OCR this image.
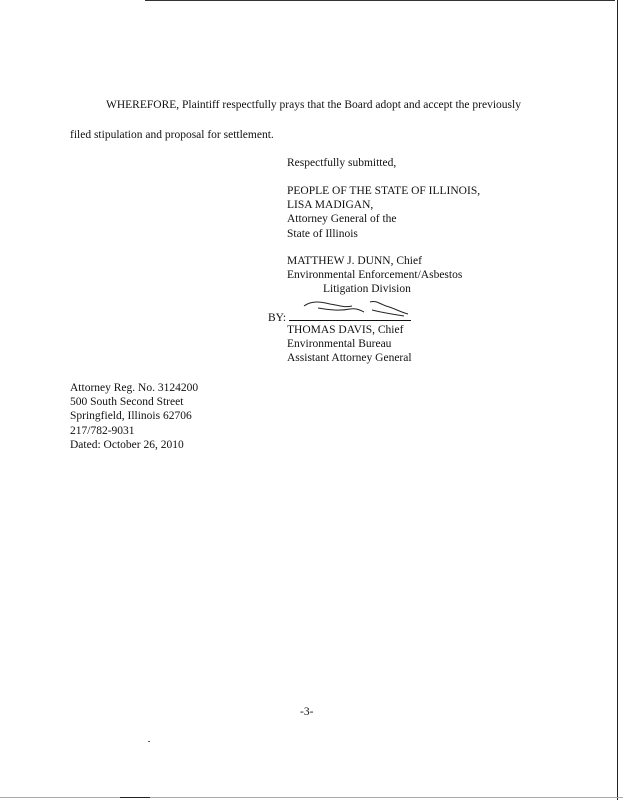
WHEREFORE, Plaintiff respectfully prays that the Board adopt and accept the previously
filed stipulation and proposal for settlement.
Respectfully submitted,
PEOPLE OF THE STATE OF ILLINOIS,
LISA MADIGAN,
Attorney General of the
State of Illinois
MATTHEW J. DUNN, Chief
Environmental Enforcement/Asbestos
Litigation Division
BY:
THOMAS DAVIS, Chief
Environmental Bureau
Assistant Attorney General
Attorney Reg. No. 3124200
500 South Second Street
Springfield, Illinois 62706
217/782-9031
Dated: October 26, 2010
-3-
